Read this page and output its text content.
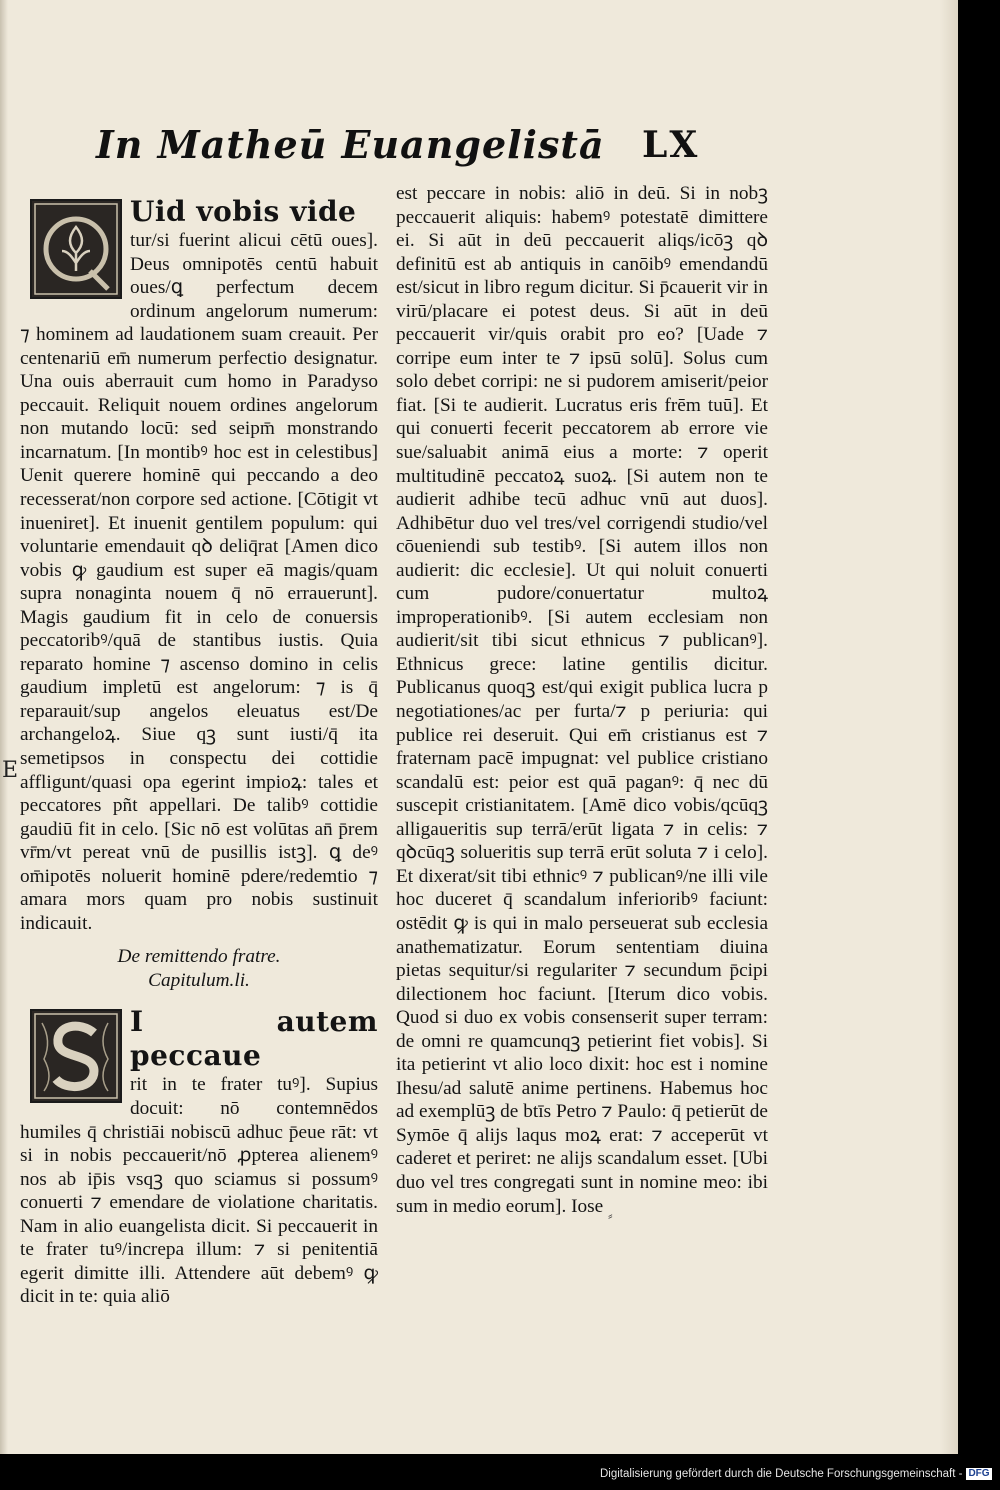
In Matheū Euangelistā LX
E

Uid vobis vide
tur/si fuerint alicui cētū oues]. Deus omnipotēs centū habuit oues/ꝗ perfectum decem ordinum angelorum numerum: ⁊ hominem ad laudationem suam creauit. Per centenariū em̄ numerum perfectio designatur. Una ouis aberrauit cum homo in Paradyso peccauit. Reliquit nouem ordines angelorum non mutando locū: sed seipm̄ monstrando incarnatum. [In montibꝰ hoc est in celestibus] Uenit querere hominē qui peccando a deo recesserat/non corpore sed actione. [Cōtigit vt inueniret]. Et inuenit gentilem populum: qui voluntarie emendauit qꝺ deliq̄rat [Amen dico vobis ꝙ gaudium est super eā magis/quam supra nonaginta nouem q̄ nō errauerunt]. Magis gaudium fit in celo de conuersis peccatoribꝰ/quā de stantibus iustis. Quia reparato homine ⁊ ascenso domino in celis gaudium impletū est angelorum: ⁊ is q̄ reparauit/sup angelos eleuatus est/De archangeloꝝ. Siue qꝫ sunt iusti/q̄ ita semetipsos in conspectu dei cottidie affligunt/quasi opa egerint impioꝝ: tales et peccatores pñt appellari. De talibꝰ cottidie gaudiū fit in celo. [Sic nō est volūtas an̄ p̄rem vr̄m/vt pereat vnū de pusillis istꝫ]. ꝗ deꝰ om̄ipotēs noluerit hominē pdere/redemtio ⁊ amara mors quam pro nobis sustinuit indicauit.

De remittendo fratre.
Capitulum.li.

I autem peccaue
rit in te frater tuꝰ]. Supius docuit: nō contemnēdos humiles q̄ christiāi nobiscū adhuc p̄eue rāt: vt si in nobis peccauerit/nō ꝓpterea alienemꝰ nos ab ip̄is vsqꝫ quo sciamus si possumꝰ conuerti ⁊ emendare de violatione charitatis. Nam in alio euangelista dicit. Si peccauerit in te frater tuꝰ/increpa illum: ⁊ si penitentiā egerit dimitte illi. Attendere aūt debemꝰ ꝙ dicit in te: quia aliō

est peccare in nobis: aliō in deū. Si in nobꝫ peccauerit aliquis: habemꝰ potestatē dimittere ei. Si aūt in deū peccauerit aliqs/icōꝫ qꝺ definitū est ab antiquis in canōibꝰ emendandū est/sicut in libro regum dicitur. Si p̄cauerit vir in virū/placare ei potest deus. Si aūt in deū peccauerit vir/quis orabit pro eo? [Uade ⁊ corripe eum inter te ⁊ ipsū solū]. Solus cum solo debet corripi: ne si pudorem amiserit/peior fiat. [Si te audierit. Lucratus eris frēm tuū]. Et qui conuerti fecerit peccatorem ab errore vie sue/saluabit animā eius a morte: ⁊ operit multitudinē peccatoꝝ suoꝝ. [Si autem non te audierit adhibe tecū adhuc vnū aut duos]. Adhibētur duo vel tres/vel corrigendi studio/vel cōueniendi sub testibꝰ. [Si autem illos non audierit: dic ecclesie]. Ut qui noluit conuerti cum pudore/conuertatur multoꝝ improperationibꝰ. [Si autem ecclesiam non audierit/sit tibi sicut ethnicus ⁊ publicanꝰ]. Ethnicus grece: latine gentilis dicitur. Publicanus quoqꝫ est/qui exigit publica lucra p negotiationes/ac per furta/⁊ p periuria: qui publice rei deseruit. Qui em̄ cristianus est ⁊ fraternam pacē impugnat: vel publice cristiano scandalū est: peior est quā paganꝰ: q̄ nec dū suscepit cristianitatem. [Amē dico vobis/qcūqꝫ alligaueritis sup terrā/erūt ligata ⁊ in celis: ⁊ qꝺcūqꝫ solueritis sup terrā erūt soluta ⁊ i celo]. Et dixerat/sit tibi ethnicꝰ ⁊ publicanꝰ/ne illi vile hoc duceret q̄ scandalum inferioribꝰ faciunt: ostēdit ꝙ is qui in malo perseuerat sub ecclesia anathematizatur. Eorum sententiam diuina pietas sequitur/si regulariter ⁊ secundum p̄cipi dilectionem hoc faciunt. [Iterum dico vobis. Quod si duo ex vobis consenserit super terram: de omni re quamcunqꝫ petierint fiet vobis]. Si ita petierint vt alio loco dixit: hoc est i nomine Ihesu/ad salutē anime pertinens. Habemus hoc ad exemplūꝫ de btīs Petro ⁊ Paulo: q̄ petierūt de Symōe q̄ alijs laqus moꝝ erat: ⁊ acceperūt vt caderet et periret: ne alijs scandalum esset. [Ubi duo vel tres congregati sunt in nomine meo: ibi sum in medio eorum]. Iose ⸗
Digitalisierung gefördert durch die Deutsche Forschungsgemeinschaft - DFG
